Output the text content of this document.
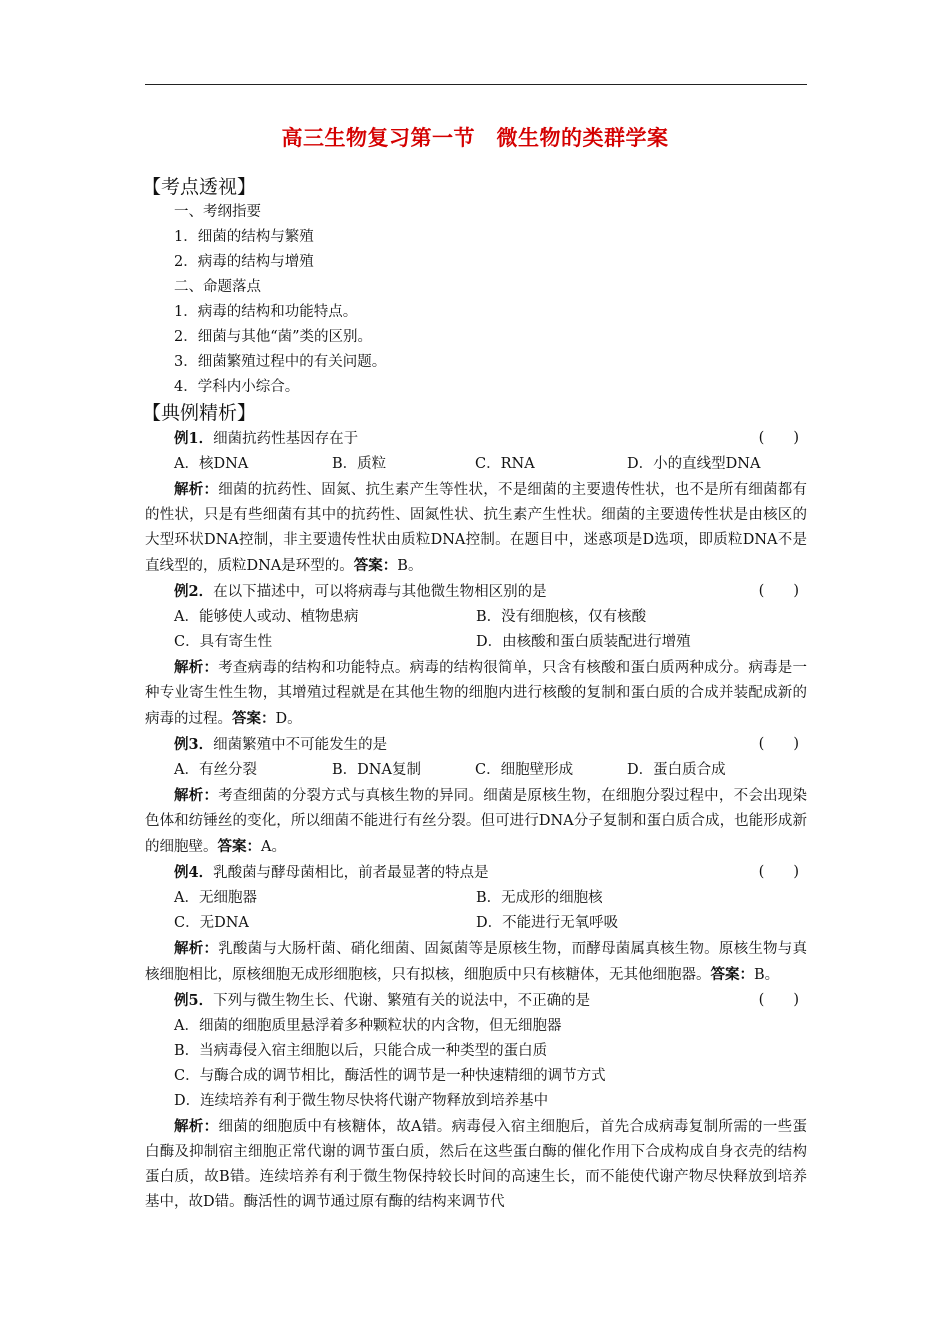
高三生物复习第一节　微生物的类群学案
【考点透视】
一、考纲指要
1．细菌的结构与繁殖
2．病毒的结构与增殖
二、命题落点
1．病毒的结构和功能特点。
2．细菌与其他“菌”类的区别。
3．细菌繁殖过程中的有关问题。
4．学科内小综合。
【典例精析】
例1．细菌抗药性基因存在于	(　　)
A．核DNA	B．质粒	C．RNA	D．小的直线型DNA
解析：细菌的抗药性、固氮、抗生素产生等性状，不是细菌的主要遗传性状，也不是所有细菌都有的性状，只是有些细菌有其中的抗药性、固氮性状、抗生素产生性状。细菌的主要遗传性状是由核区的大型环状DNA控制，非主要遗传性状由质粒DNA控制。在题目中，迷惑项是D选项，即质粒DNA不是直线型的，质粒DNA是环型的。答案：B。
例2．在以下描述中，可以将病毒与其他微生物相区别的是	(　　)
A．能够使人或动、植物患病	B．没有细胞核，仅有核酸
C．具有寄生性	D．由核酸和蛋白质装配进行增殖
解析：考查病毒的结构和功能特点。病毒的结构很简单，只含有核酸和蛋白质两种成分。病毒是一种专业寄生性生物，其增殖过程就是在其他生物的细胞内进行核酸的复制和蛋白质的合成并装配成新的病毒的过程。答案：D。
例3．细菌繁殖中不可能发生的是	(　　)
A．有丝分裂	B．DNA复制	C．细胞壁形成	D．蛋白质合成
解析：考查细菌的分裂方式与真核生物的异同。细菌是原核生物，在细胞分裂过程中，不会出现染色体和纺锤丝的变化，所以细菌不能进行有丝分裂。但可进行DNA分子复制和蛋白质合成，也能形成新的细胞壁。答案：A。
例4．乳酸菌与酵母菌相比，前者最显著的特点是	(　　)
A．无细胞器	B．无成形的细胞核
C．无DNA	D．不能进行无氧呼吸
解析：乳酸菌与大肠杆菌、硝化细菌、固氮菌等是原核生物，而酵母菌属真核生物。原核生物与真核细胞相比，原核细胞无成形细胞核，只有拟核，细胞质中只有核糖体，无其他细胞器。答案：B。
例5．下列与微生物生长、代谢、繁殖有关的说法中，不正确的是	(　　)
A．细菌的细胞质里悬浮着多种颗粒状的内含物，但无细胞器
B．当病毒侵入宿主细胞以后，只能合成一种类型的蛋白质
C．与酶合成的调节相比，酶活性的调节是一种快速精细的调节方式
D．连续培养有利于微生物尽快将代谢产物释放到培养基中
解析：细菌的细胞质中有核糖体，故A错。病毒侵入宿主细胞后，首先合成病毒复制所需的一些蛋白酶及抑制宿主细胞正常代谢的调节蛋白质，然后在这些蛋白酶的催化作用下合成构成自身衣壳的结构蛋白质，故B错。连续培养有利于微生物保持较长时间的高速生长，而不能使代谢产物尽快释放到培养基中，故D错。酶活性的调节通过原有酶的结构来调节代
